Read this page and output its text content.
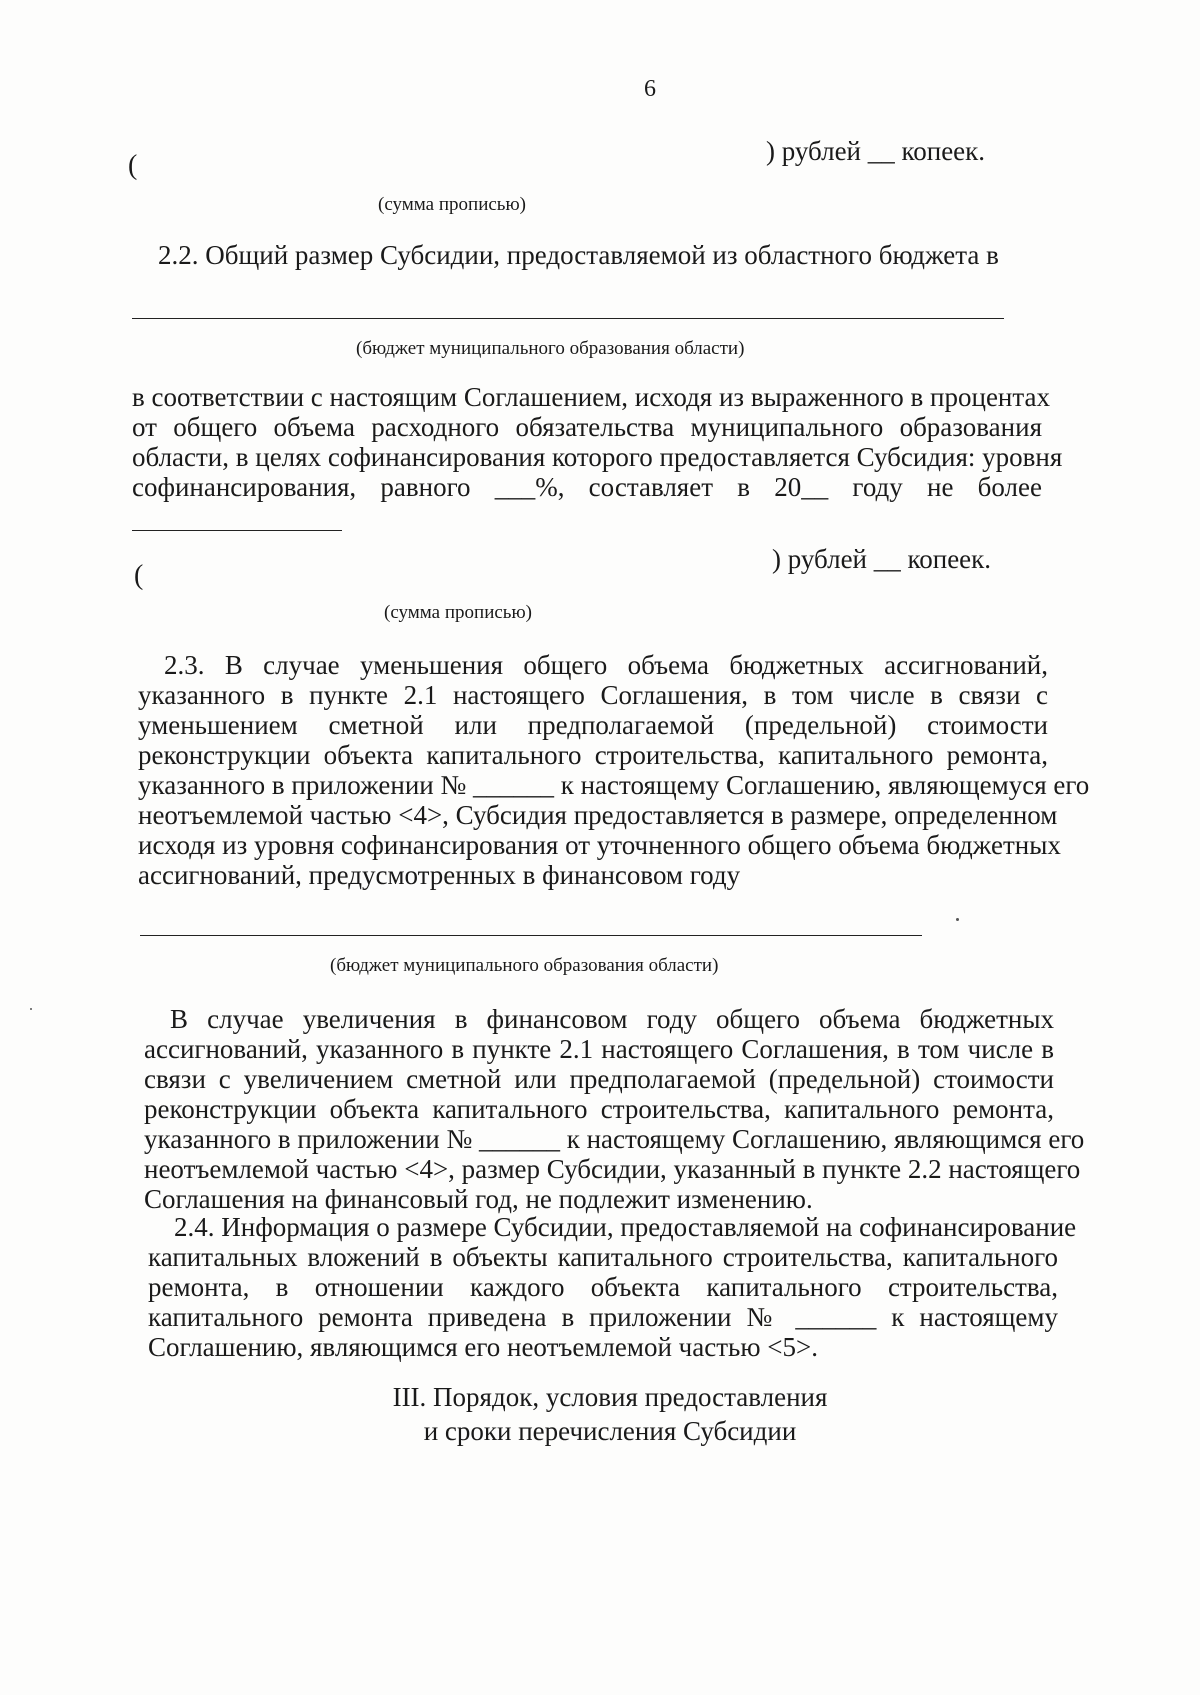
6
(	) рублей __ копеек.
(сумма прописью)
2.2. Общий размер Субсидии, предоставляемой из областного бюджета в
(бюджет муниципального образования области)
в соответствии с настоящим Соглашением, исходя из выраженного в процентах
от общего объема расходного обязательства муниципального образования
области, в целях софинансирования которого предоставляется Субсидия: уровня
софинансирования, равного ___%, составляет в 20__ году не более
(
) рублей __ копеек.
(сумма прописью)
2.3. В случае уменьшения общего объема бюджетных ассигнований,
указанного в пункте 2.1 настоящего Соглашения, в том числе в связи с
уменьшением сметной или предполагаемой (предельной) стоимости
реконструкции объекта капитального строительства, капитального ремонта,
указанного в приложении № ______ к настоящему Соглашению, являющемуся его
неотъемлемой частью <4>, Субсидия предоставляется в размере, определенном
исходя из уровня софинансирования от уточненного общего объема бюджетных
ассигнований, предусмотренных в финансовом году
(бюджет муниципального образования области)
В случае увеличения в финансовом году общего объема бюджетных
ассигнований, указанного в пункте 2.1 настоящего Соглашения, в том числе в
связи с увеличением сметной или предполагаемой (предельной) стоимости
реконструкции объекта капитального строительства, капитального ремонта,
указанного в приложении № ______ к настоящему Соглашению, являющимся его
неотъемлемой частью <4>, размер Субсидии, указанный в пункте 2.2 настоящего
Соглашения на финансовый год, не подлежит изменению.
2.4. Информация о размере Субсидии, предоставляемой на софинансирование
капитальных вложений в объекты капитального строительства, капитального
ремонта, в отношении каждого объекта капитального строительства,
капитального ремонта приведена в приложении № ______ к настоящему
Соглашению, являющимся его неотъемлемой частью <5>.
III. Порядок, условия предоставления
и сроки перечисления Субсидии
